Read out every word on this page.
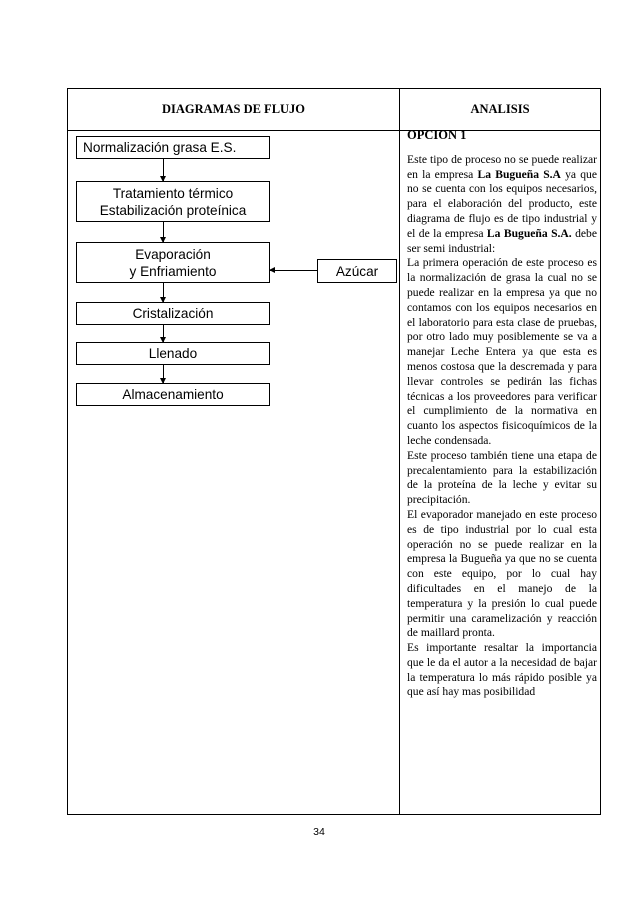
DIAGRAMAS DE FLUJO	ANALISIS
Normalización grasa E.S.
Tratamiento térmico
Estabilización proteínica
Evaporación
y Enfriamiento
Cristalización
Llenado
Almacenamiento
Azúcar
OPCION 1

Este tipo de proceso no se puede realizar en la empresa La Bugueña S.A ya que no se cuenta con los equipos necesarios, para el elaboración del producto, este diagrama de flujo es de tipo industrial y el de la empresa La Bugueña S.A. debe ser semi industrial:

La primera operación de este proceso es la normalización de grasa la cual no se puede realizar en la empresa ya que no contamos con los equipos necesarios en el laboratorio para esta clase de pruebas, por otro lado muy posiblemente se va a manejar Leche Entera ya que esta es menos costosa que la descremada y para llevar controles se pedirán las fichas técnicas a los proveedores para verificar el cumplimiento de la normativa en cuanto los aspectos fisicoquímicos de la leche condensada.

Este proceso también tiene una etapa de precalentamiento para la estabilización de la proteína de la leche y evitar su precipitación.

El evaporador manejado en este proceso es de tipo industrial por lo cual esta operación no se puede realizar en la empresa la Bugueña ya que no se cuenta con este equipo, por lo cual hay dificultades en el manejo de la temperatura y la presión lo cual puede permitir una caramelización y reacción de maillard pronta.

Es importante resaltar la importancia que le da el autor a la necesidad de bajar la temperatura lo más rápido posible ya que así hay mas posibilidad

34
